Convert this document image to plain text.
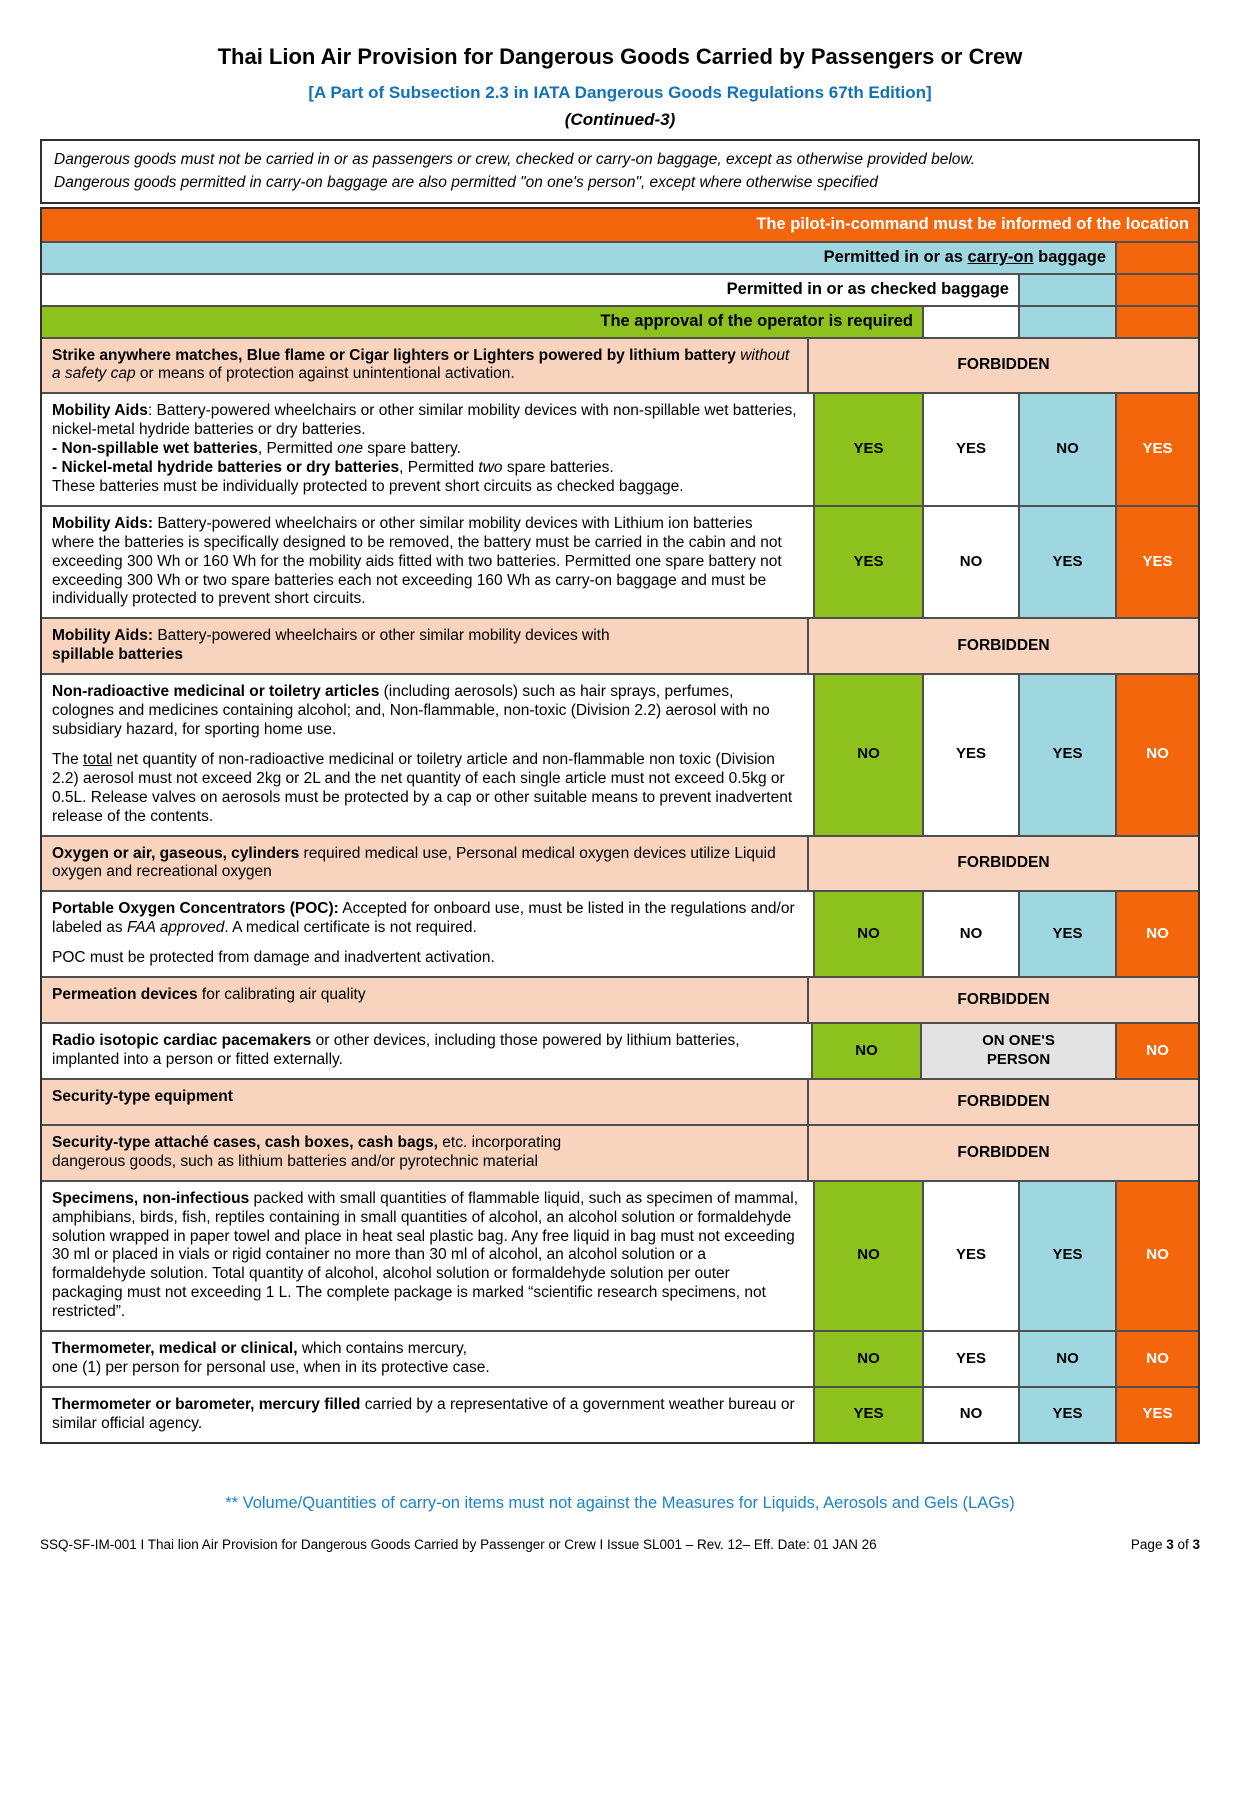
Thai Lion Air Provision for Dangerous Goods Carried by Passengers or Crew
[A Part of Subsection 2.3 in IATA Dangerous Goods Regulations 67th Edition]
(Continued-3)
Dangerous goods must not be carried in or as passengers or crew, checked or carry-on baggage, except as otherwise provided below.
Dangerous goods permitted in carry-on baggage are also permitted "on one's person", except where otherwise specified

The pilot-in-command must be informed of the location

Permitted in or as carry-on baggage

Permitted in or as checked baggage

The approval of the operator is required

Strike anywhere matches, Blue flame or Cigar lighters or Lighters powered by lithium battery without a safety cap or means of protection against unintentional activation.

FORBIDDEN

Mobility Aids: Battery-powered wheelchairs or other similar mobility devices with non-spillable wet batteries, nickel-metal hydride batteries or dry batteries.
- Non-spillable wet batteries, Permitted one spare battery.
- Nickel-metal hydride batteries or dry batteries, Permitted two spare batteries.
These batteries must be individually protected to prevent short circuits as checked baggage.

YES	YES	NO	YES

Mobility Aids: Battery-powered wheelchairs or other similar mobility devices with Lithium ion batteries where the batteries is specifically designed to be removed, the battery must be carried in the cabin and not exceeding 300 Wh or 160 Wh for the mobility aids fitted with two batteries. Permitted one spare battery not exceeding 300 Wh or two spare batteries each not exceeding 160 Wh as carry-on baggage and must be individually protected to prevent short circuits.

YES	NO	YES	YES

Mobility Aids: Battery-powered wheelchairs or other similar mobility devices with
spillable batteries

FORBIDDEN

Non-radioactive medicinal or toiletry articles (including aerosols) such as hair sprays, perfumes, colognes and medicines containing alcohol; and, Non-flammable, non-toxic (Division 2.2) aerosol with no subsidiary hazard, for sporting home use.

The total net quantity of non-radioactive medicinal or toiletry article and non-flammable non toxic (Division 2.2) aerosol must not exceed 2kg or 2L and the net quantity of each single article must not exceed 0.5kg or 0.5L. Release valves on aerosols must be protected by a cap or other suitable means to prevent inadvertent release of the contents.

NO	YES	YES	NO

Oxygen or air, gaseous, cylinders required medical use, Personal medical oxygen devices utilize Liquid oxygen and recreational oxygen

FORBIDDEN

Portable Oxygen Concentrators (POC): Accepted for onboard use, must be listed in the regulations and/or labeled as FAA approved. A medical certificate is not required.

POC must be protected from damage and inadvertent activation.

NO	NO	YES	NO

Permeation devices for calibrating air quality	FORBIDDEN

Radio isotopic cardiac pacemakers or other devices, including those powered by lithium batteries, implanted into a person or fitted externally.

NO

ON ONE'S
PERSON

NO

Security-type equipment	FORBIDDEN

Security-type attaché cases, cash boxes, cash bags, etc. incorporating
dangerous goods, such as lithium batteries and/or pyrotechnic material

FORBIDDEN

Specimens, non-infectious packed with small quantities of flammable liquid, such as specimen of mammal, amphibians, birds, fish, reptiles containing in small quantities of alcohol, an alcohol solution or formaldehyde solution wrapped in paper towel and place in heat seal plastic bag. Any free liquid in bag must not exceeding 30 ml or placed in vials or rigid container no more than 30 ml of alcohol, an alcohol solution or a formaldehyde solution. Total quantity of alcohol, alcohol solution or formaldehyde solution per outer packaging must not exceeding 1 L. The complete package is marked “scientific research specimens, not restricted”.

NO	YES	YES	NO

Thermometer, medical or clinical, which contains mercury,
one (1) per person for personal use, when in its protective case.

NO	YES	NO	NO

Thermometer or barometer, mercury filled carried by a representative of a government weather bureau or similar official agency.

YES	NO	YES	YES
** Volume/Quantities of carry-on items must not against the Measures for Liquids, Aerosols and Gels (LAGs)
SSQ-SF-IM-001 I Thai lion Air Provision for Dangerous Goods Carried by Passenger or Crew I Issue SL001 – Rev. 12– Eff. Date: 01 JAN 26	Page 3 of 3
